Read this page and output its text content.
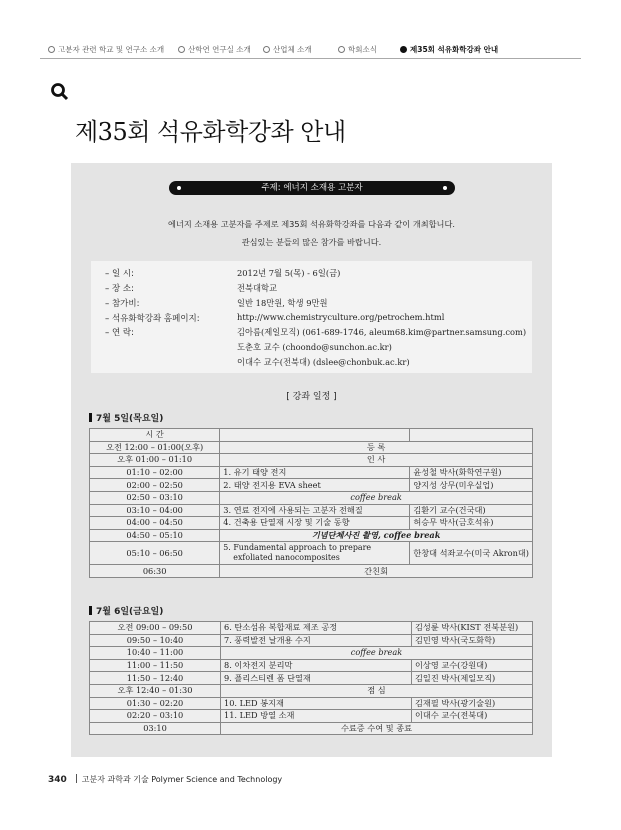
고분자 관련 학교 및 연구소 소개	산학연 연구실 소개	산업체 소개	학회소식	제35회 석유화학강좌 안내
제35회 석유화학강좌 안내
주제: 에너지 소재용 고분자
에너지 소재용 고분자를 주제로 제35회 석유화학강좌를 다음과 같이 개최합니다.
관심있는 분들의 많은 참가를 바랍니다.
– 일 시:	2012년 7월 5(목) - 6일(금)
– 장 소:	전북대학교
– 참가비:	일반 18만원, 학생 9만원
– 석유화학강좌 홈페이지:	http://www.chemistryculture.org/petrochem.html
– 연 락:	김아름(제일모직) (061-689-1746, aleum68.kim@partner.samsung.com)
도춘호 교수 (choondo@sunchon.ac.kr)
이대수 교수(전북대) (dslee@chonbuk.ac.kr)
[ 강좌 일정 ]
7월 5일(목요일)
시 간		
오전 12:00 – 01:00(오후)	등 록	
오후 01:00 – 01:10	인 사	
01:10 – 02:00	1. 유기 태양 전지	윤성철 박사(화학연구원)
02:00 – 02:50	2. 태양 전지용 EVA sheet	양지성 상무(미우실업)
02:50 – 03:10	coffee break	
03:10 – 04:00	3. 연료 전지에 사용되는 고분자 전해질	김환기 교수(건국대)
04:00 – 04:50	4. 건축용 단열재 시장 및 기술 동향	허승무 박사(금호석유)
04:50 – 05:10	기념단체사진 촬영, coffee break	
05:10 – 06:50	5. Fundamental approach to prepare
exfoliated nanocomposites	한창대 석좌교수(미국 Akron대)
06:30	간친회	
7월 6일(금요일)
오전 09:00 – 09:50	6. 탄소섬유 복합재료 제조 공정	김성륜 박사(KIST 전북분원)
09:50 – 10:40	7. 풍력발전 날개용 수지	김민영 박사(국도화학)
10:40 – 11:00	coffee break	
11:00 – 11:50	8. 이차전지 분리막	이상영 교수(강원대)
11:50 – 12:40	9. 플리스티렌 폼 단열재	김일진 박사(제일모직)
오후 12:40 – 01:30	점 심	
01:30 – 02:20	10. LED 봉지재	김재필 박사(광기술원)
02:20 – 03:10	11. LED 방열 소재	이대수 교수(전북대)
03:10	수료증 수여 및 종료	
340 고분자 과학과 기술 Polymer Science and Technology
